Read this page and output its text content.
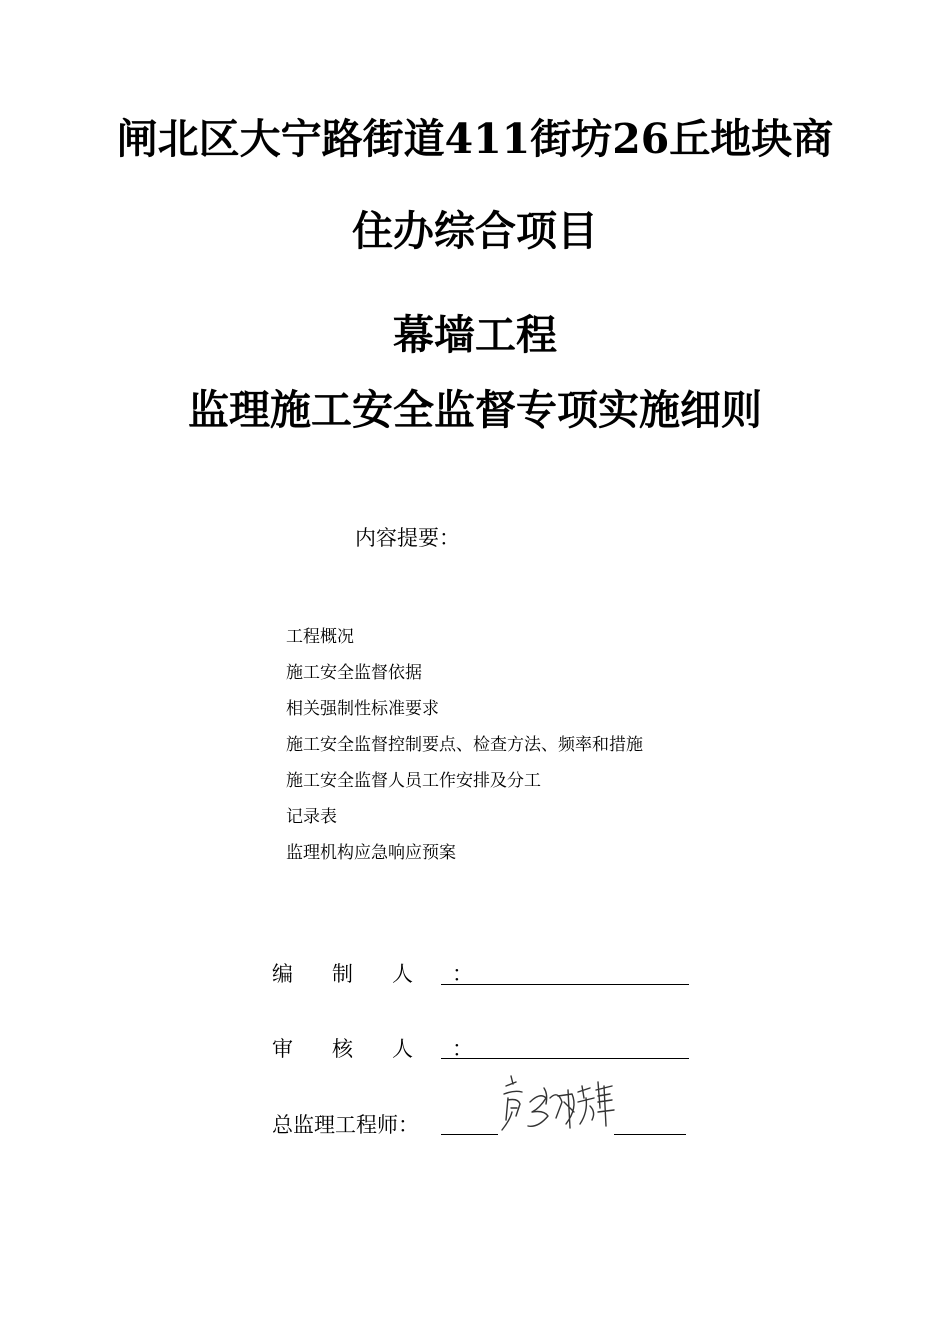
闸北区大宁路街道411街坊26丘地块商
住办综合项目
幕墙工程
监理施工安全监督专项实施细则
内容提要：
工程概况
施工安全监督依据
相关强制性标准要求
施工安全监督控制要点、检查方法、频率和措施
施工安全监督人员工作安排及分工
记录表
监理机构应急响应预案
编制人：
审核人：
总监理工程师：
